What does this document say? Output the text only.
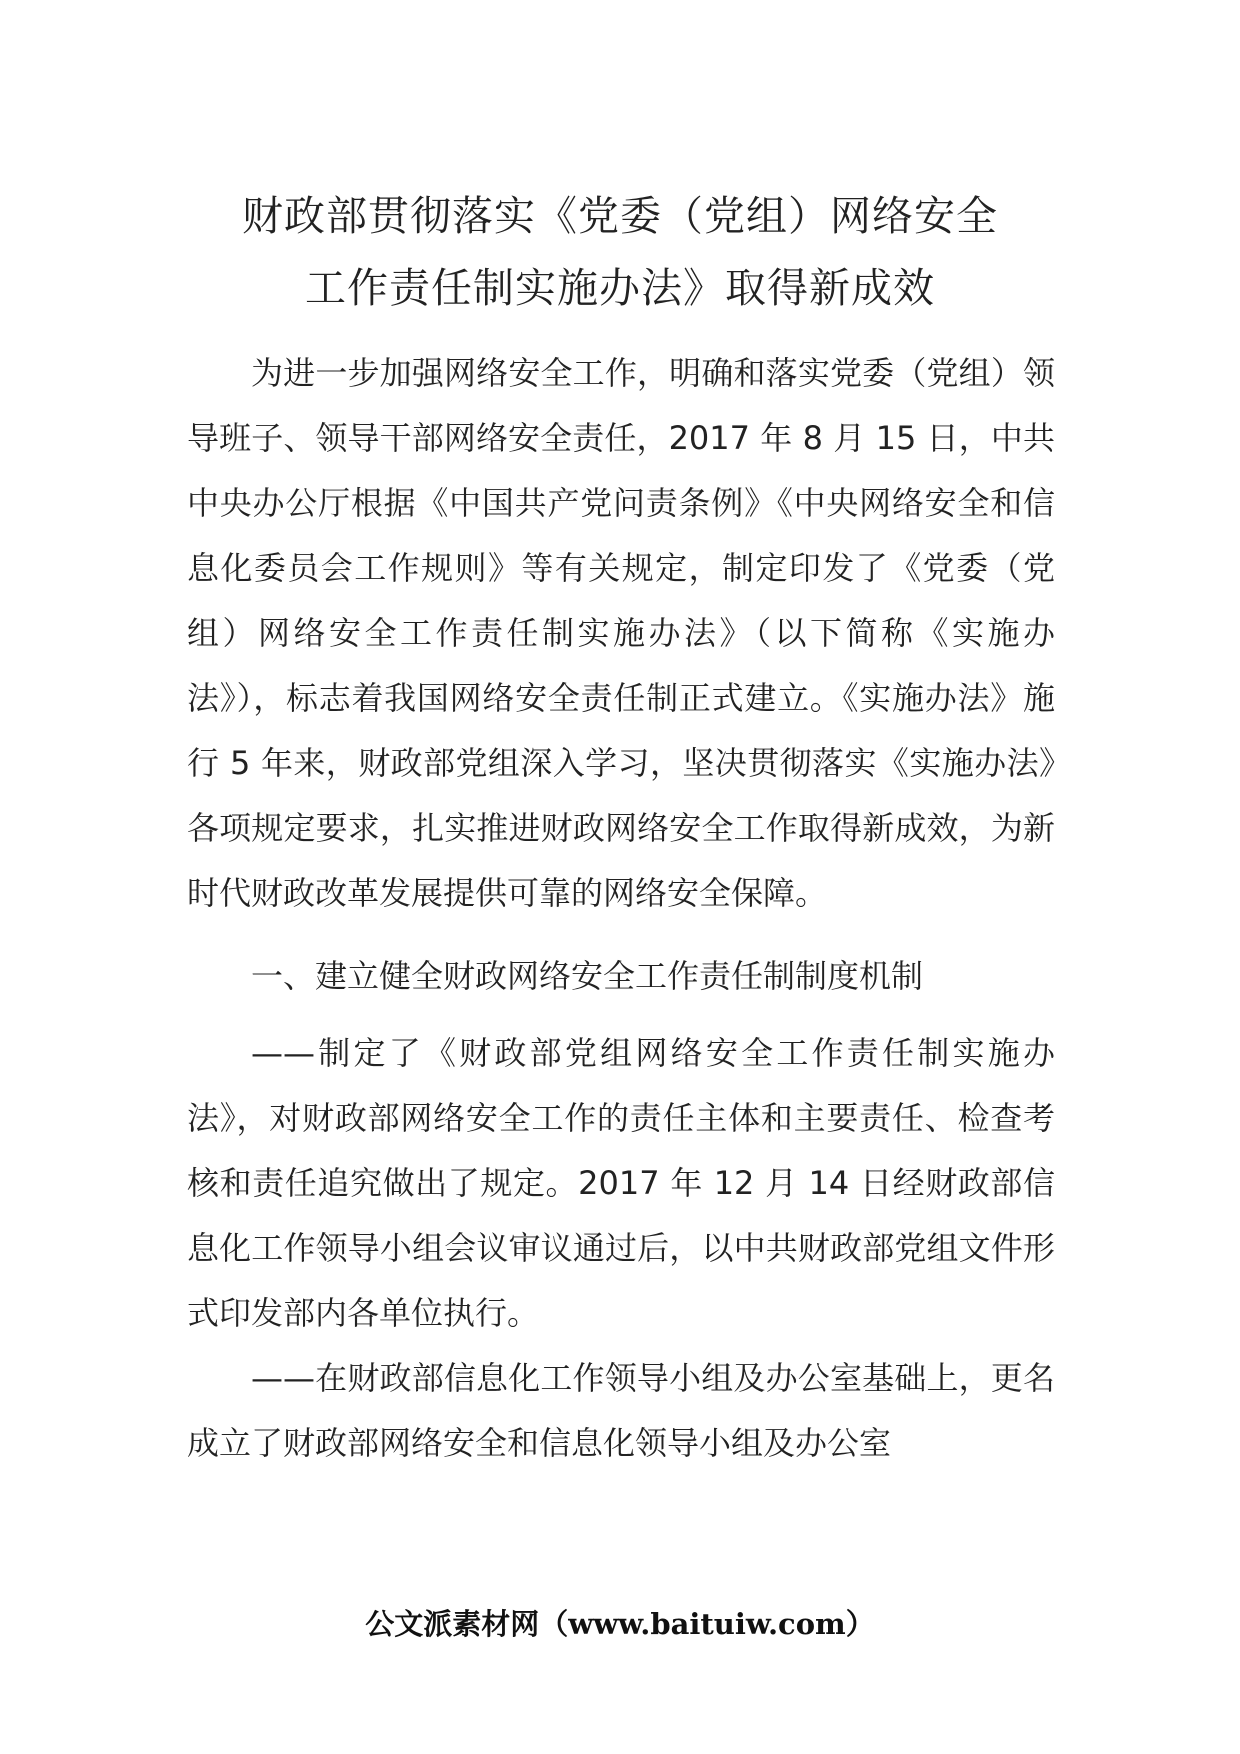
财政部贯彻落实《党委（党组）网络安全
工作责任制实施办法》取得新成效

为进一步加强网络安全工作，明确和落实党委（党组）领导班子、领导干部网络安全责任，2017 年 8 月 15 日，中共中央办公厅根据《中国共产党问责条例》《中央网络安全和信息化委员会工作规则》等有关规定，制定印发了《党委（党组）网络安全工作责任制实施办法》（以下简称《实施办法》），标志着我国网络安全责任制正式建立。《实施办法》施行 5 年来，财政部党组深入学习，坚决贯彻落实《实施办法》各项规定要求，扎实推进财政网络安全工作取得新成效，为新时代财政改革发展提供可靠的网络安全保障。

一、建立健全财政网络安全工作责任制制度机制

——制定了《财政部党组网络安全工作责任制实施办法》，对财政部网络安全工作的责任主体和主要责任、检查考核和责任追究做出了规定。2017 年 12 月 14 日经财政部信息化工作领导小组会议审议通过后，以中共财政部党组文件形式印发部内各单位执行。

——在财政部信息化工作领导小组及办公室基础上，更名成立了财政部网络安全和信息化领导小组及办公室

公文派素材网（www.baituiw.com）
